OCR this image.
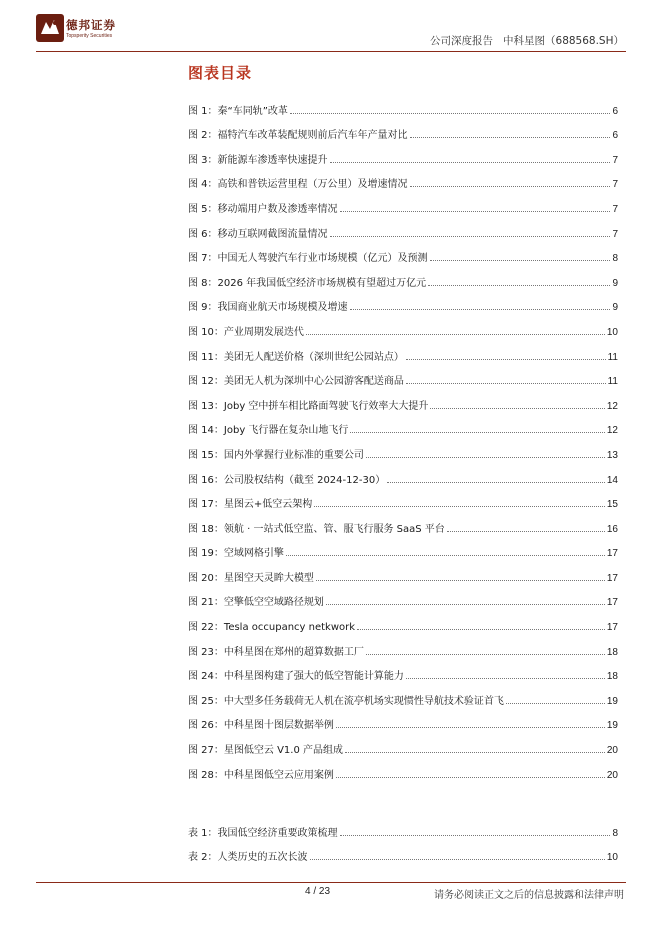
德邦证券
Topsperity Securities	公司深度报告 中科星图（688568.SH）
图表目录
图 1：秦“车同轨”改革	6
图 2：福特汽车改革装配规则前后汽车年产量对比	6
图 3：新能源车渗透率快速提升	7
图 4：高铁和普铁运营里程（万公里）及增速情况	7
图 5：移动端用户数及渗透率情况	7
图 6：移动互联网截图流量情况	7
图 7：中国无人驾驶汽车行业市场规模（亿元）及预测	8
图 8：2026 年我国低空经济市场规模有望超过万亿元	9
图 9：我国商业航天市场规模及增速	9
图 10：产业周期发展迭代	10
图 11：美团无人配送价格（深圳世纪公园站点）	11
图 12：美团无人机为深圳中心公园游客配送商品	11
图 13：Joby 空中拼车相比路面驾驶飞行效率大大提升	12
图 14：Joby 飞行器在复杂山地飞行	12
图 15：国内外掌握行业标准的重要公司	13
图 16：公司股权结构（截至 2024-12-30）	14
图 17：星图云+低空云架构	15
图 18：领航 · 一站式低空监、管、服飞行服务 SaaS 平台	16
图 19：空域网格引擎	17
图 20：星图空天灵眸大模型	17
图 21：空擎低空空域路径规划	17
图 22：Tesla occupancy netkwork	17
图 23：中科星图在郑州的超算数据工厂	18
图 24：中科星图构建了强大的低空智能计算能力	18
图 25：中大型多任务载荷无人机在流亭机场实现惯性导航技术验证首飞	19
图 26：中科星图十图层数据举例	19
图 27：星图低空云 V1.0 产品组成	20
图 28：中科星图低空云应用案例	20
表 1：我国低空经济重要政策梳理	8
表 2：人类历史的五次长波	10
4 / 23	请务必阅读正文之后的信息披露和法律声明
